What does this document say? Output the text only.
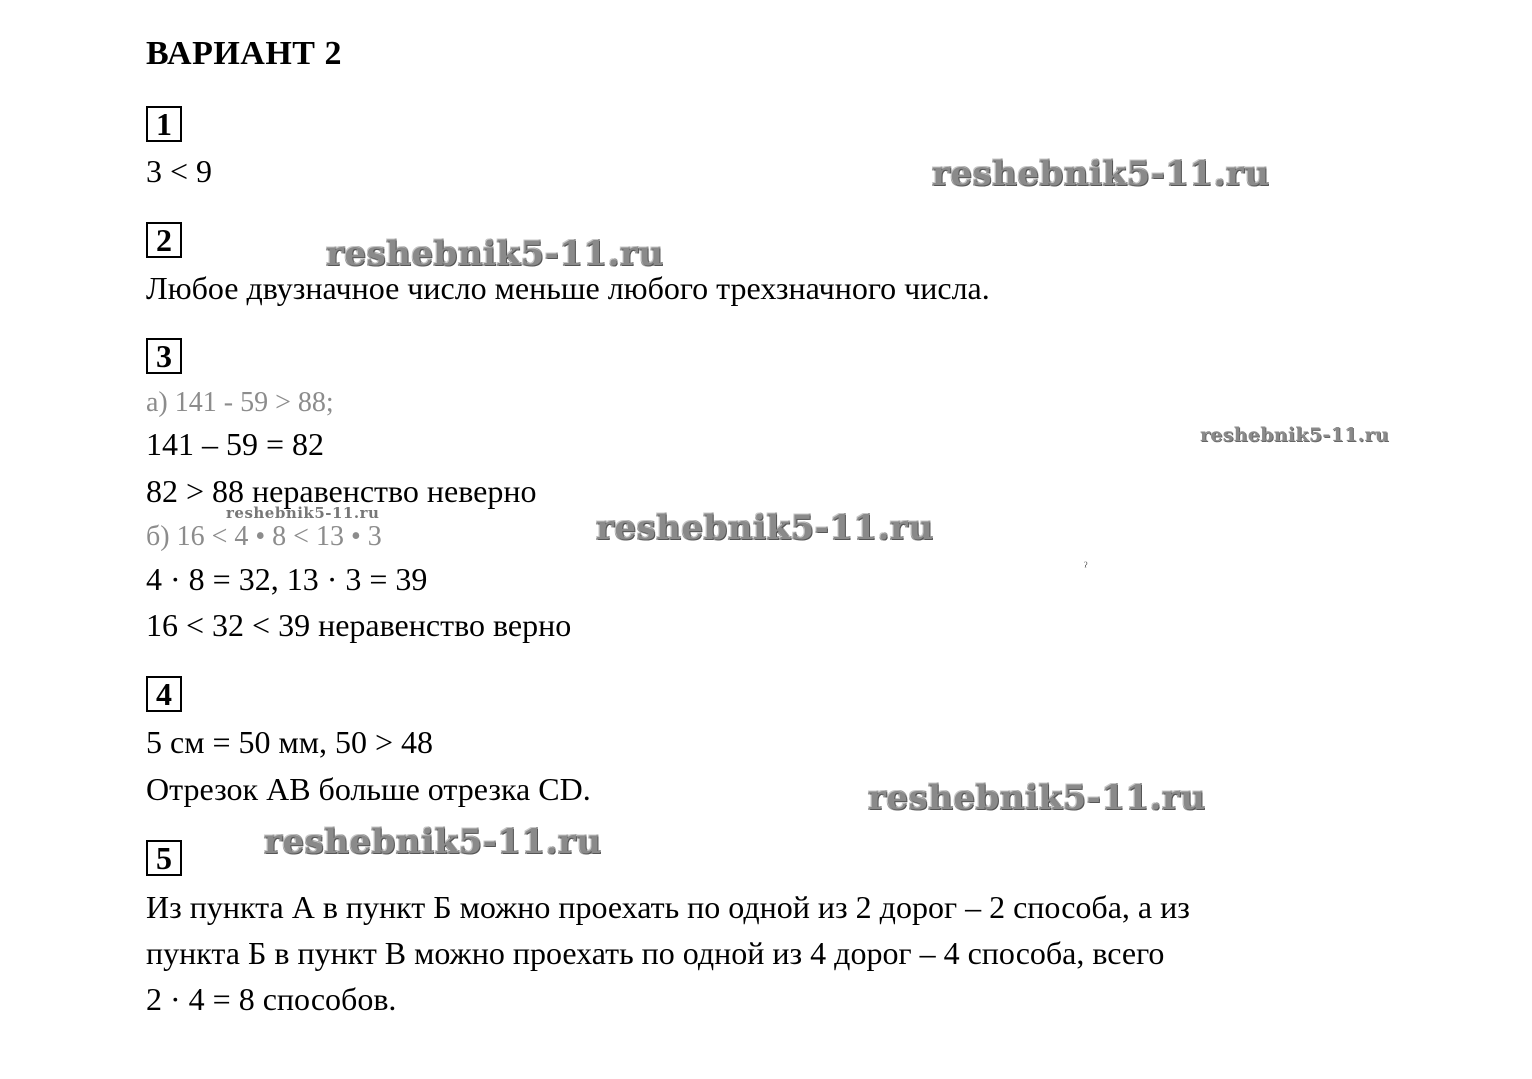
ВАРИАНТ 2
1
3 < 9
2
Любое двузначное число меньше любого трехзначного числа.
3
а) 141 - 59 > 88;
141 – 59 = 82
82 > 88 неравенство неверно
б) 16 < 4 • 8 < 13 • 3
4 · 8 = 32, 13 · 3 = 39
16 < 32 < 39 неравенство верно
4
5 см = 50 мм, 50 > 48
Отрезок АВ больше отрезка CD.
5
Из пункта А в пункт Б можно проехать по одной из 2 дорог – 2 способа, а из
пункта Б в пункт В можно проехать по одной из 4 дорог – 4 способа, всего
2 · 4 = 8 способов.
reshebnik5-11.ru
reshebnik5-11.ru
reshebnik5-11.ru
reshebnik5-11.ru	reshebnik5-11.ru
reshebnik5-11.ru
reshebnik5-11.ru
ˀ
